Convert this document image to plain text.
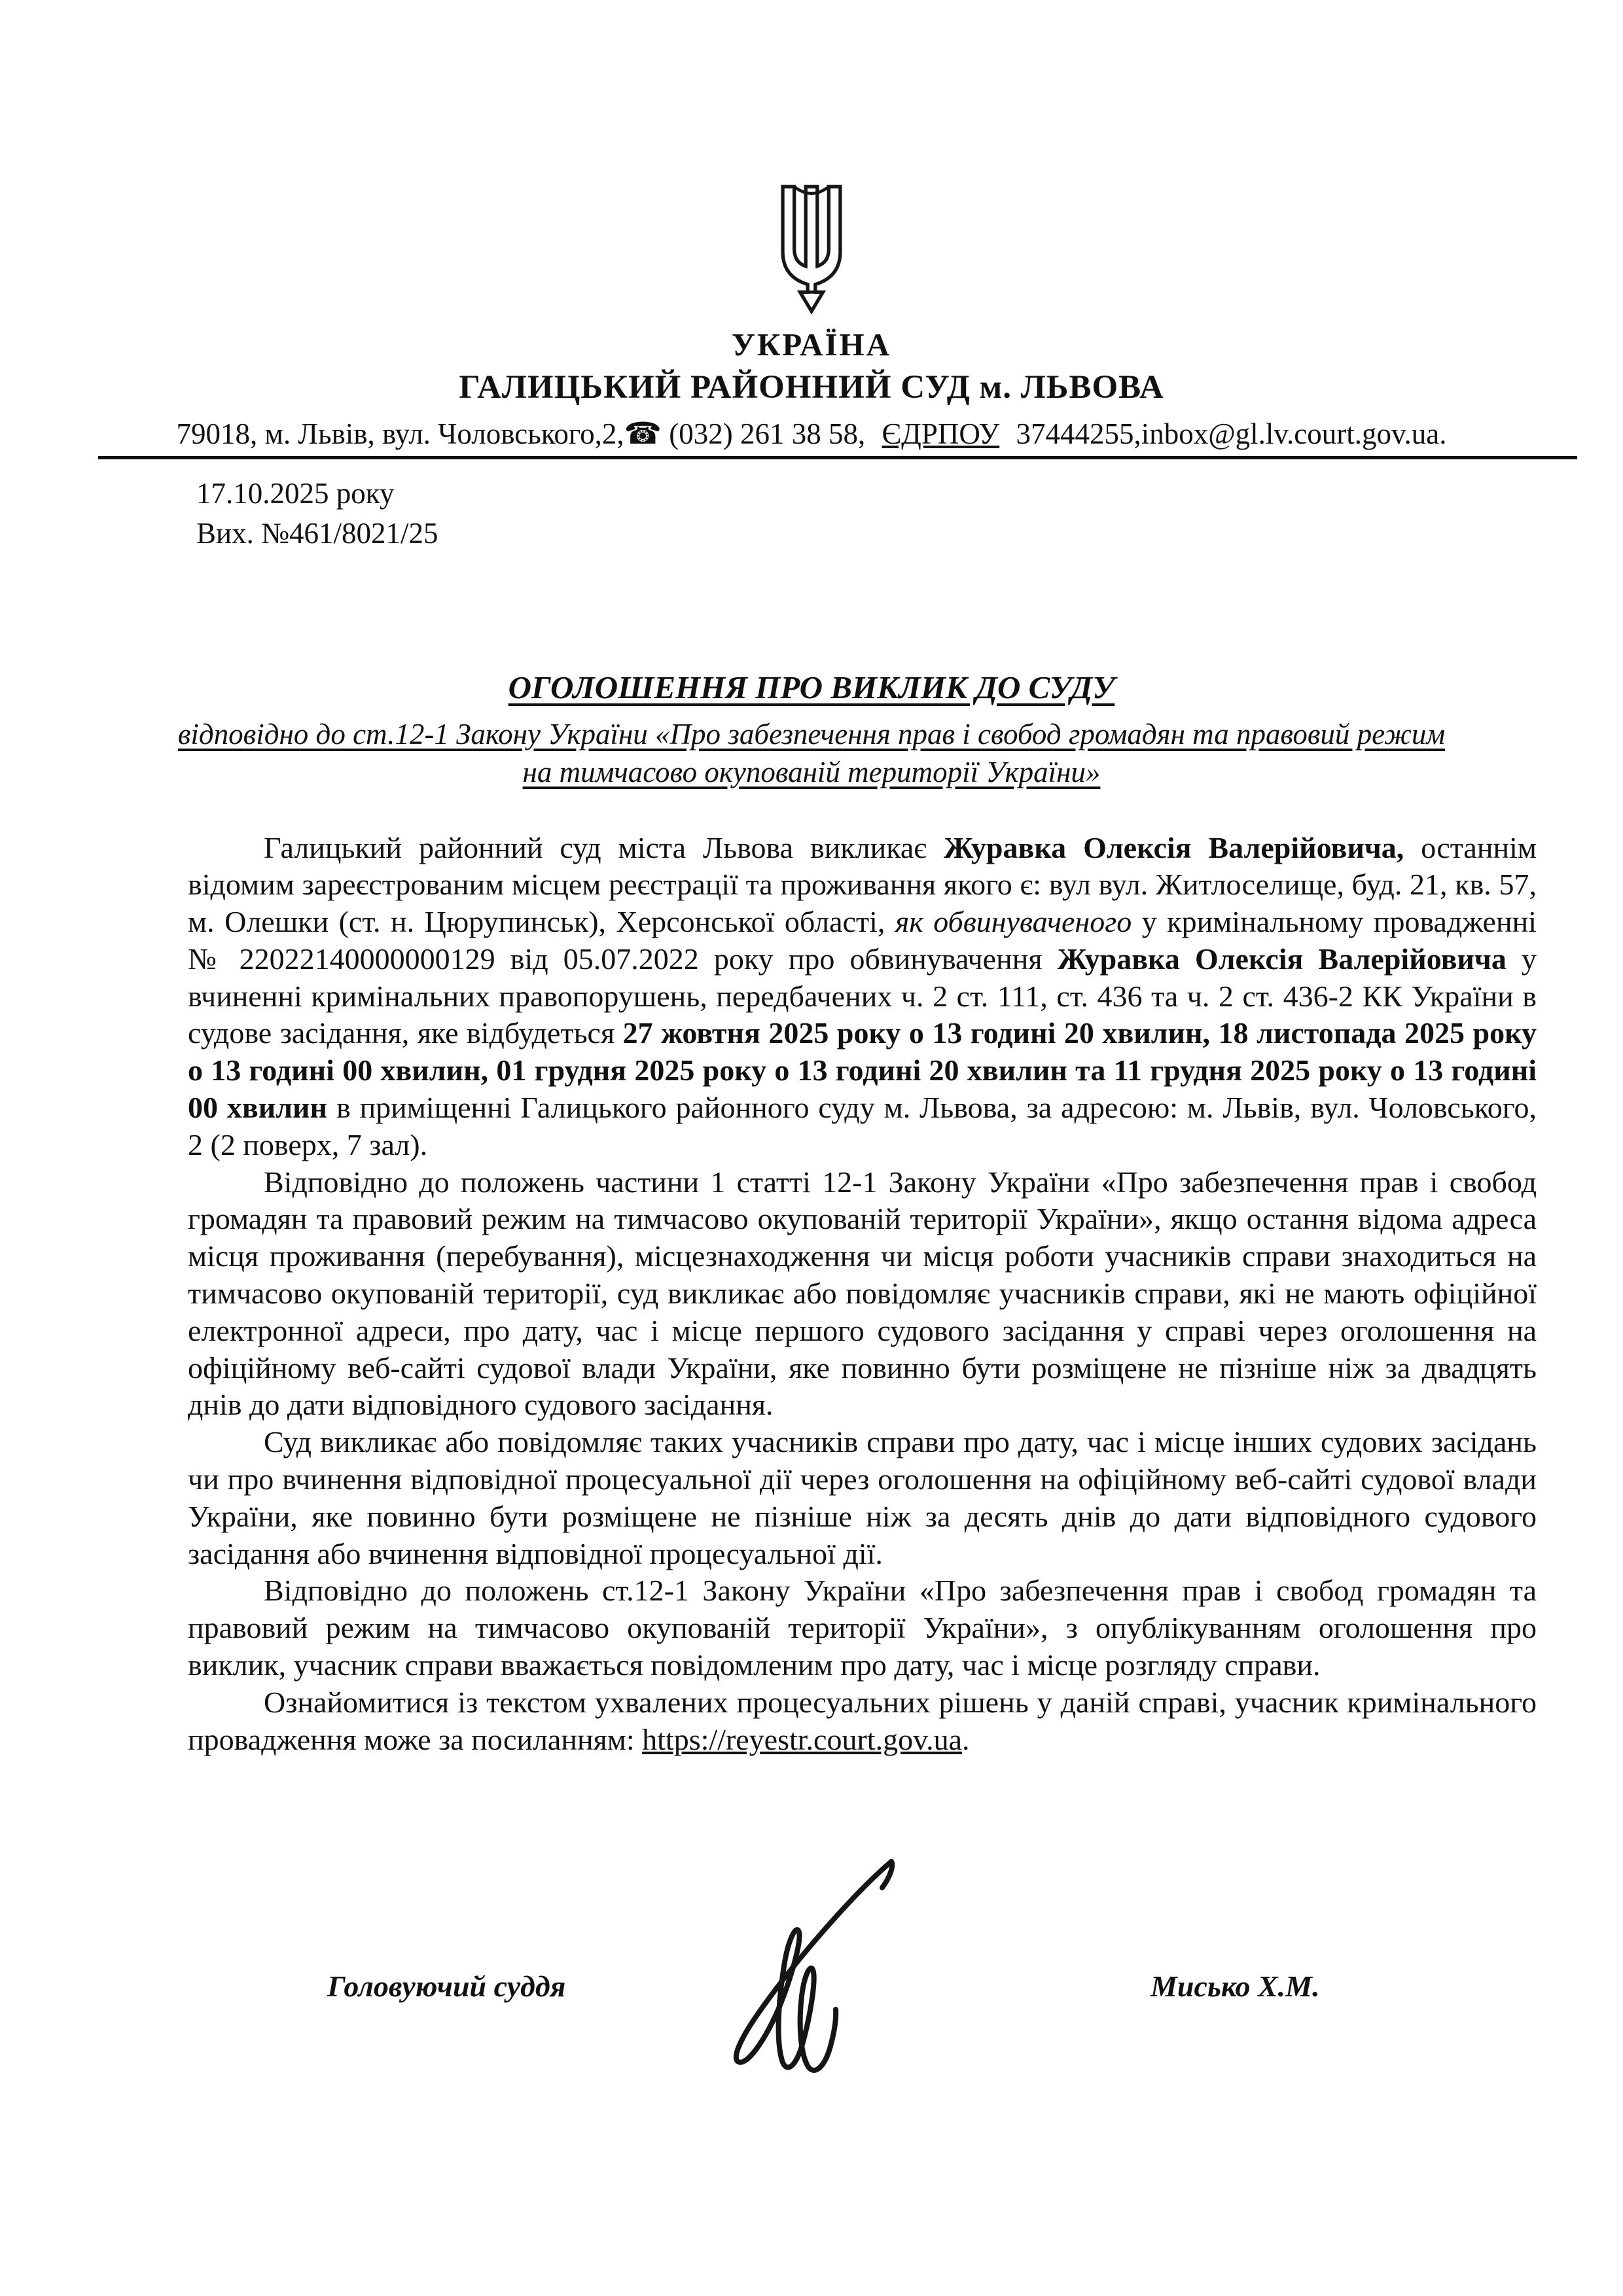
УКРАЇНА
ГАЛИЦЬКИЙ РАЙОННИЙ СУД м. ЛЬВОВА
79018, м. Львів, вул. Чоловського,2,☎ (032) 261 38 58, ЄДРПОУ 37444255,inbox@gl.lv.court.gov.ua.
17.10.2025 року
Вих. №461/8021/25
ОГОЛОШЕННЯ ПРО ВИКЛИК ДО СУДУ
відповідно до ст.12-1 Закону України «Про забезпечення прав і свобод громадян та правовий режим
на тимчасово окупованій території України»

Галицький районний суд міста Львова викликає Журавка Олексія Валерійовича, останнім відомим зареєстрованим місцем реєстрації та проживання якого є: вул вул. Житлоселище, буд. 21, кв. 57, м. Олешки (ст. н. Цюрупинськ), Херсонської області, як обвинуваченого у кримінальному провадженні № 22022140000000129 від 05.07.2022 року про обвинувачення Журавка Олексія Валерійовича у вчиненні кримінальних правопорушень, передбачених ч. 2 ст. 111, ст. 436 та ч. 2 ст. 436-2 КК України в судове засідання, яке відбудеться 27 жовтня 2025 року о 13 годині 20 хвилин, 18 листопада 2025 року о 13 годині 00 хвилин, 01 грудня 2025 року о 13 годині 20 хвилин та 11 грудня 2025 року о 13 годині 00 хвилин в приміщенні Галицького районного суду м. Львова, за адресою: м. Львів, вул. Чоловського, 2 (2 поверх, 7 зал).

Відповідно до положень частини 1 статті 12-1 Закону України «Про забезпечення прав і свобод громадян та правовий режим на тимчасово окупованій території України», якщо остання відома адреса місця проживання (перебування), місцезнаходження чи місця роботи учасників справи знаходиться на тимчасово окупованій території, суд викликає або повідомляє учасників справи, які не мають офіційної електронної адреси, про дату, час і місце першого судового засідання у справі через оголошення на офіційному веб-сайті судової влади України, яке повинно бути розміщене не пізніше ніж за двадцять днів до дати відповідного судового засідання.

Суд викликає або повідомляє таких учасників справи про дату, час і місце інших судових засідань чи про вчинення відповідної процесуальної дії через оголошення на офіційному веб-сайті судової влади України, яке повинно бути розміщене не пізніше ніж за десять днів до дати відповідного судового засідання або вчинення відповідної процесуальної дії.

Відповідно до положень ст.12-1 Закону України «Про забезпечення прав і свобод громадян та правовий режим на тимчасово окупованій території України», з опублікуванням оголошення про виклик, учасник справи вважається повідомленим про дату, час і місце розгляду справи.

Ознайомитися із текстом ухвалених процесуальних рішень у даній справі, учасник кримінального провадження може за посиланням: https://reyestr.court.gov.ua.

Головуючий суддя	Мисько Х.М.
